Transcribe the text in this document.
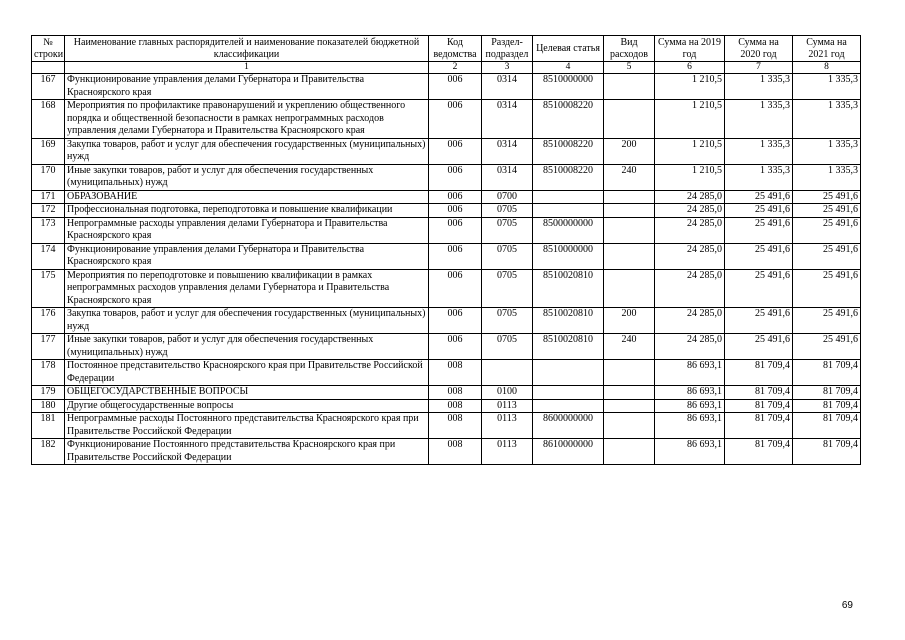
№ строки	Наименование главных распорядителей и наименование показателей бюджетной классификации	Код ведомства	Раздел- подраздел	Целевая статья	Вид расходов	Сумма на 2019 год	Сумма на 2020 год	Сумма на 2021 год
	1	2	3	4	5	6	7	8
167	Функционирование управления делами Губернатора и Правительства Красноярского края	006	0314	8510000000		1 210,5	1 335,3	1 335,3
168	Мероприятия по профилактике правонарушений и укреплению общественного порядка и общественной безопасности в рамках непрограммных расходов управления делами Губернатора и Правительства Красноярского края	006	0314	8510008220		1 210,5	1 335,3	1 335,3
169	Закупка товаров, работ и услуг для обеспечения государственных (муниципальных) нужд	006	0314	8510008220	200	1 210,5	1 335,3	1 335,3
170	Иные закупки товаров, работ и услуг для обеспечения государственных (муниципальных) нужд	006	0314	8510008220	240	1 210,5	1 335,3	1 335,3
171	ОБРАЗОВАНИЕ	006	0700			24 285,0	25 491,6	25 491,6
172	Профессиональная подготовка, переподготовка и повышение квалификации	006	0705			24 285,0	25 491,6	25 491,6
173	Непрограммные расходы управления делами Губернатора и Правительства Красноярского края	006	0705	8500000000		24 285,0	25 491,6	25 491,6
174	Функционирование управления делами Губернатора и Правительства Красноярского края	006	0705	8510000000		24 285,0	25 491,6	25 491,6
175	Мероприятия по переподготовке и повышению квалификации в рамках непрограммных расходов управления делами Губернатора и Правительства Красноярского края	006	0705	8510020810		24 285,0	25 491,6	25 491,6
176	Закупка товаров, работ и услуг для обеспечения государственных (муниципальных) нужд	006	0705	8510020810	200	24 285,0	25 491,6	25 491,6
177	Иные закупки товаров, работ и услуг для обеспечения государственных (муниципальных) нужд	006	0705	8510020810	240	24 285,0	25 491,6	25 491,6
178	Постоянное представительство Красноярского края при Правительстве Российской Федерации	008				86 693,1	81 709,4	81 709,4
179	ОБЩЕГОСУДАРСТВЕННЫЕ ВОПРОСЫ	008	0100			86 693,1	81 709,4	81 709,4
180	Другие общегосударственные вопросы	008	0113			86 693,1	81 709,4	81 709,4
181	Непрограммные расходы Постоянного представительства Красноярского края при Правительстве Российской Федерации	008	0113	8600000000		86 693,1	81 709,4	81 709,4
182	Функционирование Постоянного представительства Красноярского края при Правительстве Российской Федерации	008	0113	8610000000		86 693,1	81 709,4	81 709,4
69
